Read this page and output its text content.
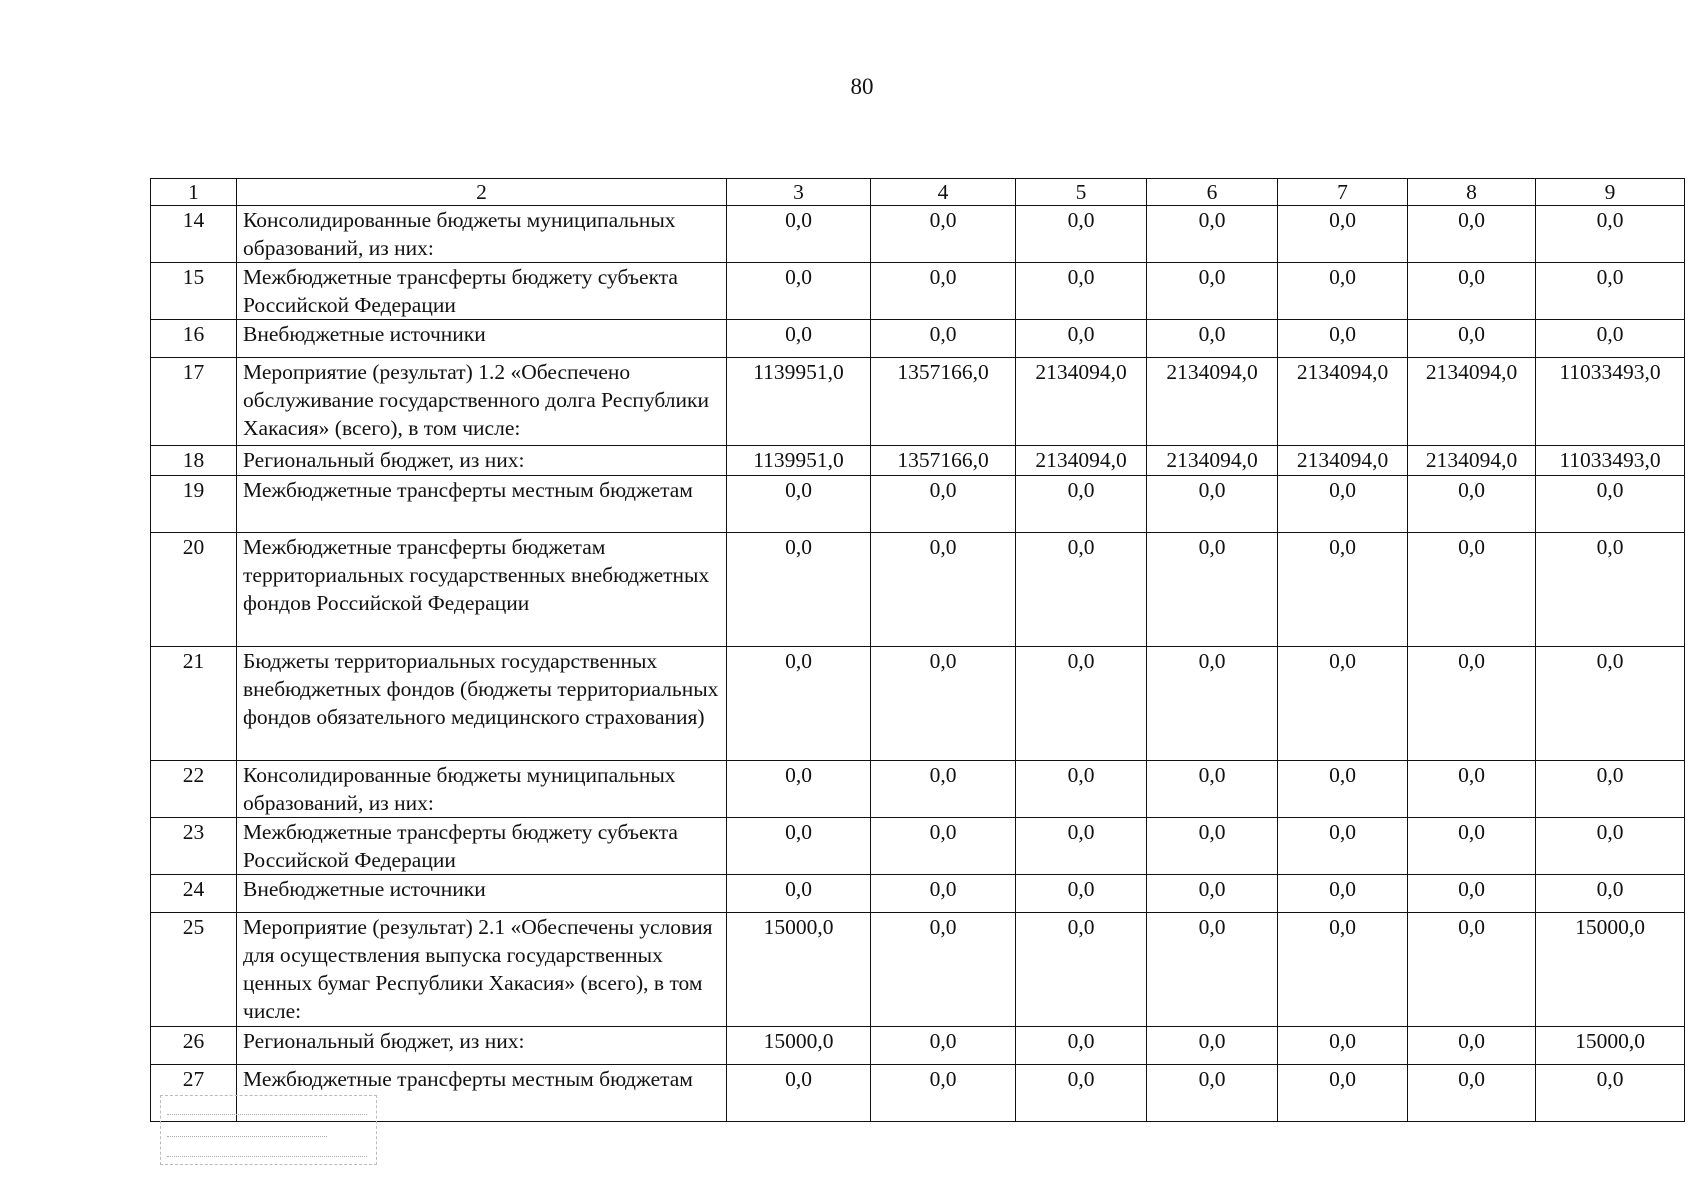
80
1	2	3	4	5	6	7	8	9
14	Консолидированные бюджеты муниципальных образований, из них:	0,0	0,0	0,0	0,0	0,0	0,0	0,0
15	Межбюджетные трансферты бюджету субъекта Российской Федерации	0,0	0,0	0,0	0,0	0,0	0,0	0,0
16	Внебюджетные источники	0,0	0,0	0,0	0,0	0,0	0,0	0,0
17	Мероприятие (результат) 1.2 «Обеспечено обслуживание государственного долга Республики Хакасия» (всего), в том числе:	1139951,0	1357166,0	2134094,0	2134094,0	2134094,0	2134094,0	11033493,0
18	Региональный бюджет, из них:	1139951,0	1357166,0	2134094,0	2134094,0	2134094,0	2134094,0	11033493,0
19	Межбюджетные трансферты местным бюджетам	0,0	0,0	0,0	0,0	0,0	0,0	0,0
20	Межбюджетные трансферты бюджетам территориальных государственных внебюджетных фондов Российской Федерации	0,0	0,0	0,0	0,0	0,0	0,0	0,0
21	Бюджеты территориальных государственных внебюджетных фондов (бюджеты территориальных фондов обязательного медицинского страхования)	0,0	0,0	0,0	0,0	0,0	0,0	0,0
22	Консолидированные бюджеты муниципальных образований, из них:	0,0	0,0	0,0	0,0	0,0	0,0	0,0
23	Межбюджетные трансферты бюджету субъекта Российской Федерации	0,0	0,0	0,0	0,0	0,0	0,0	0,0
24	Внебюджетные источники	0,0	0,0	0,0	0,0	0,0	0,0	0,0
25	Мероприятие (результат) 2.1 «Обеспечены условия для осуществления выпуска государственных ценных бумаг Республики Хакасия» (всего), в том числе:	15000,0	0,0	0,0	0,0	0,0	0,0	15000,0
26	Региональный бюджет, из них:	15000,0	0,0	0,0	0,0	0,0	0,0	15000,0
27	Межбюджетные трансферты местным бюджетам	0,0	0,0	0,0	0,0	0,0	0,0	0,0
